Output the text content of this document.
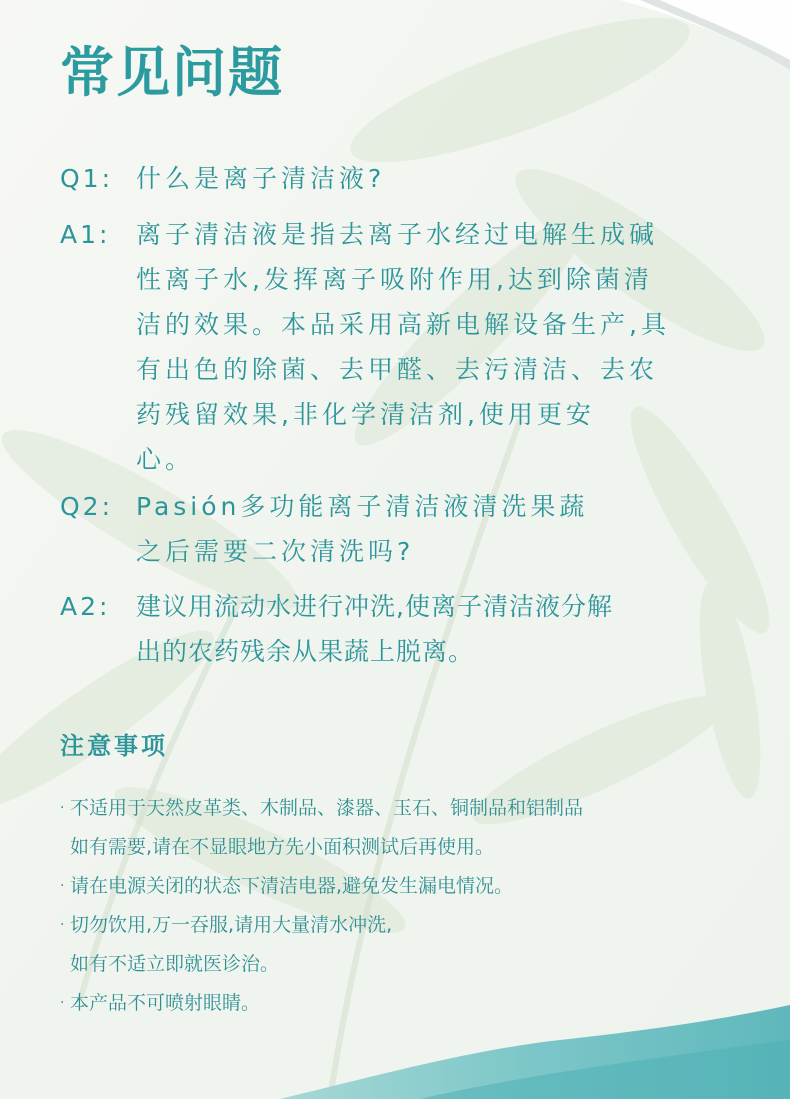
常见问题
Q1: 什么是离子清洁液?
A1:	离子清洁液是指去离子水经过电解生成碱
性离子水,发挥离子吸附作用,达到除菌清
洁的效果。本品采用高新电解设备生产,具
有出色的除菌、去甲醛、去污清洁、去农
药残留效果,非化学清洁剂,使用更安
心。
Q2: Pasión多功能离子清洁液清洗果蔬
之后需要二次清洗吗?
A2:	建议用流动水进行冲洗,使离子清洁液分解
出的农药残余从果蔬上脱离。
注意事项
· 不适用于天然皮革类、木制品、漆器、玉石、铜制品和铝制品
如有需要,请在不显眼地方先小面积测试后再使用。
· 请在电源关闭的状态下清洁电器,避免发生漏电情况。
· 切勿饮用,万一吞服,请用大量清水冲洗,
如有不适立即就医诊治。
· 本产品不可喷射眼睛。
